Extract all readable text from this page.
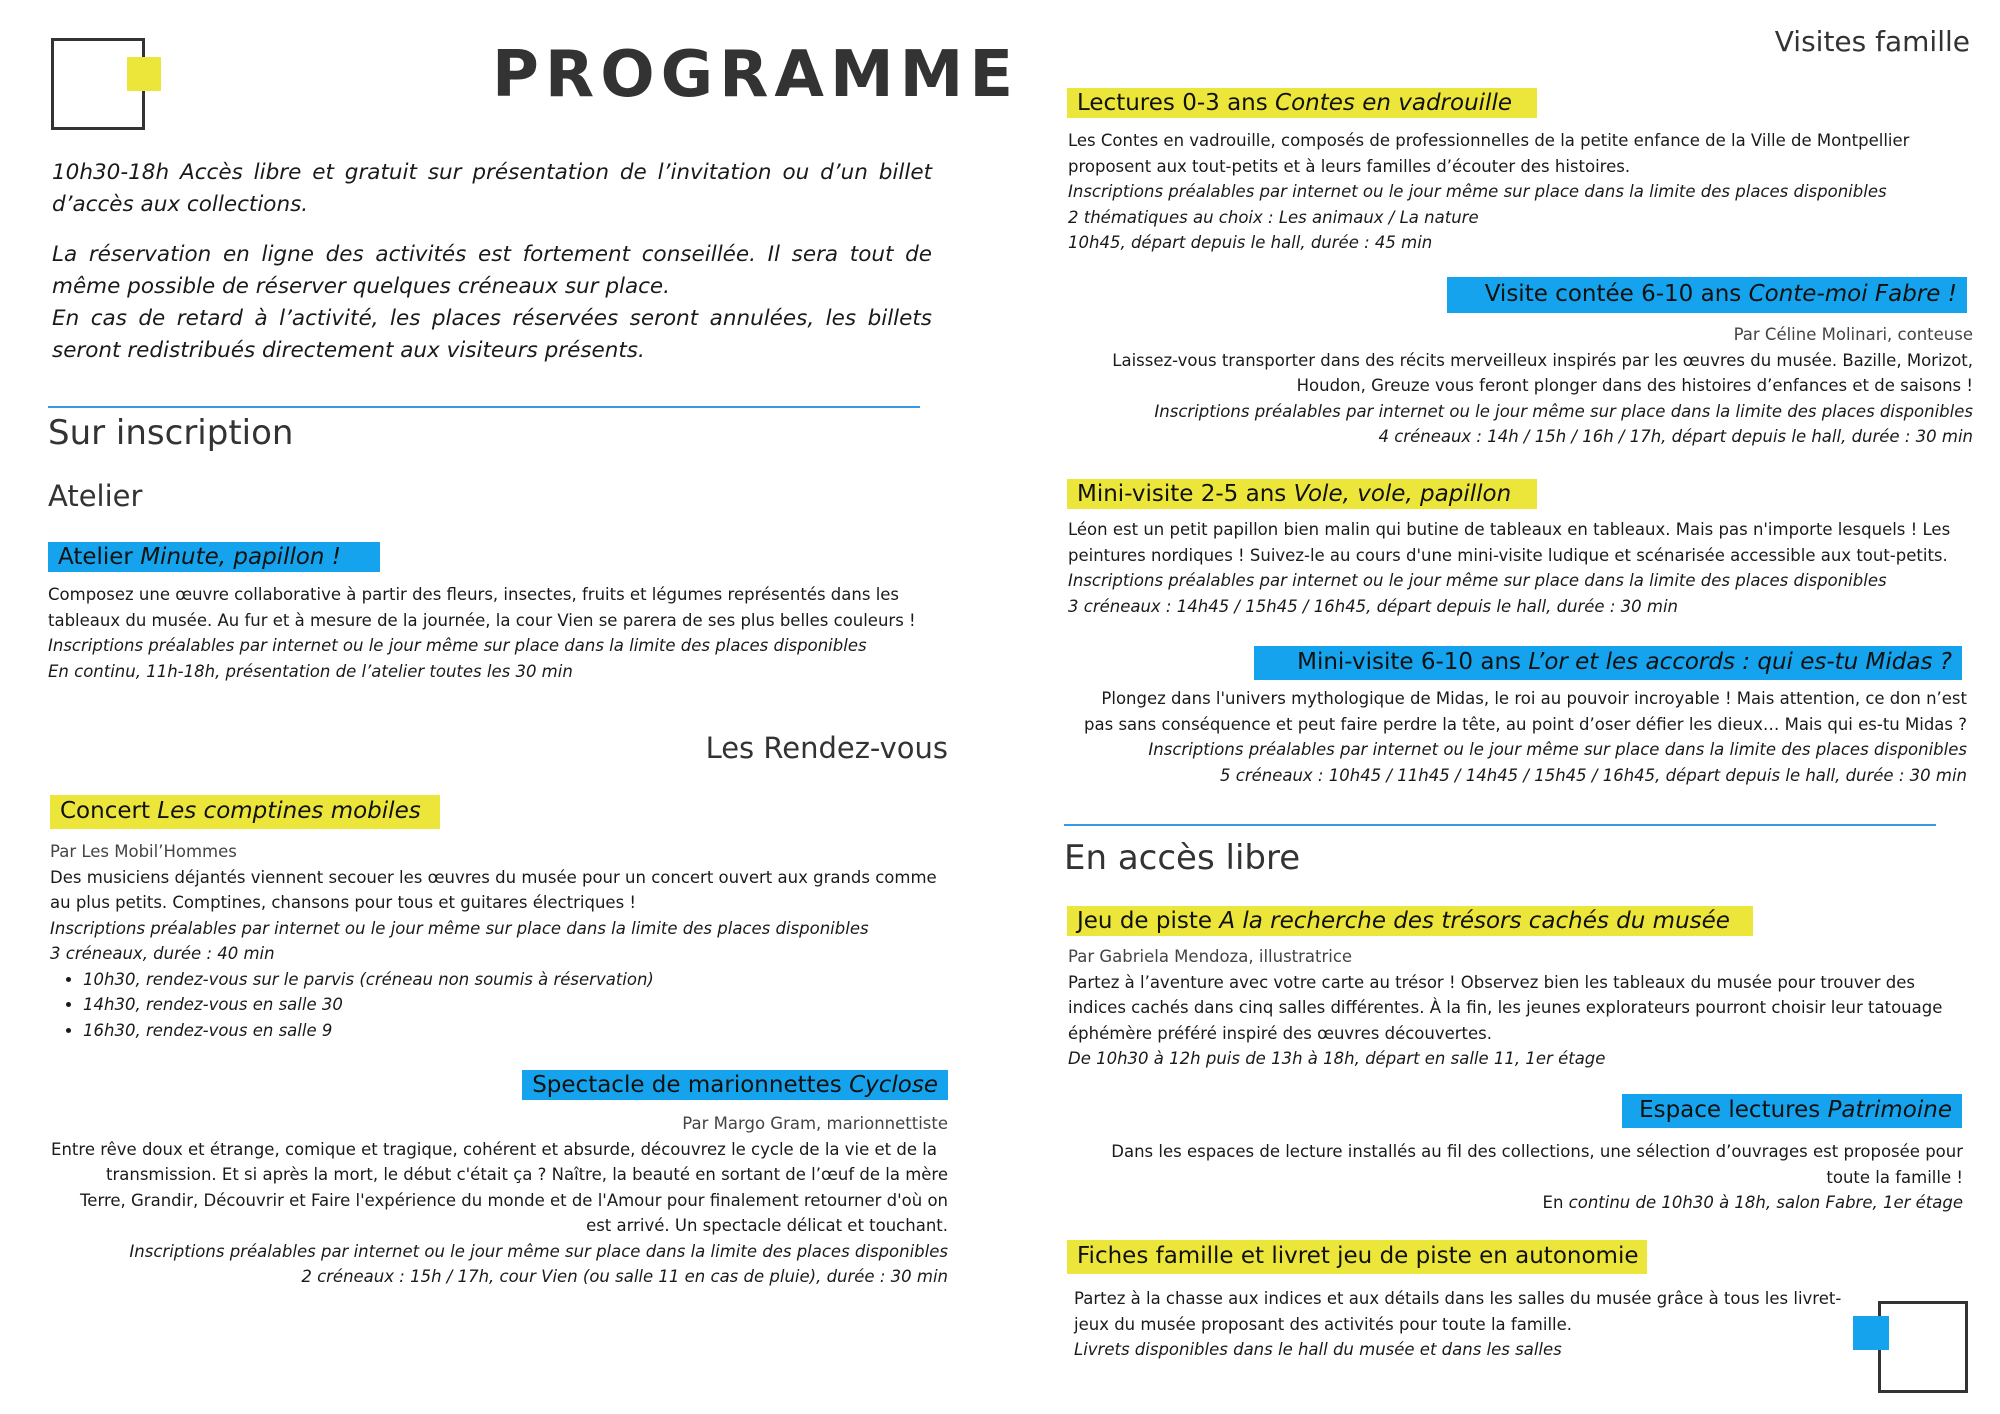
PROGRAMME	Visites famille
10h30-18h Accès libre et gratuit sur présentation de l’invitation ou d’un billet d’accès aux collections.
La réservation en ligne des activités est fortement conseillée. Il sera tout de même possible de réserver quelques créneaux sur place.
En cas de retard à l’activité, les places réservées seront annulées, les billets seront redistribués directement aux visiteurs présents.
Sur inscription
Atelier
Atelier Minute, papillon !
Composez une œuvre collaborative à partir des fleurs, insectes, fruits et légumes représentés dans les
tableaux du musée. Au fur et à mesure de la journée, la cour Vien se parera de ses plus belles couleurs !
Inscriptions préalables par internet ou le jour même sur place dans la limite des places disponibles
En continu, 11h-18h, présentation de l’atelier toutes les 30 min
Les Rendez-vous
Concert Les comptines mobiles
Par Les Mobil’Hommes
Des musiciens déjantés viennent secouer les œuvres du musée pour un concert ouvert aux grands comme
au plus petits. Comptines, chansons pour tous et guitares électriques !
Inscriptions préalables par internet ou le jour même sur place dans la limite des places disponibles
3 créneaux, durée : 40 min
• 10h30, rendez-vous sur le parvis (créneau non soumis à réservation)
• 14h30, rendez-vous en salle 30
• 16h30, rendez-vous en salle 9
Spectacle de marionnettes Cyclose
Par Margo Gram, marionnettiste
Entre rêve doux et étrange, comique et tragique, cohérent et absurde, découvrez le cycle de la vie et de la
transmission. Et si après la mort, le début c'était ça ? Naître, la beauté en sortant de l’œuf de la mère
Terre, Grandir, Découvrir et Faire l'expérience du monde et de l'Amour pour finalement retourner d'où on
est arrivé. Un spectacle délicat et touchant.
Inscriptions préalables par internet ou le jour même sur place dans la limite des places disponibles
2 créneaux : 15h / 17h, cour Vien (ou salle 11 en cas de pluie), durée : 30 min
Lectures 0-3 ans Contes en vadrouille
Les Contes en vadrouille, composés de professionnelles de la petite enfance de la Ville de Montpellier
proposent aux tout-petits et à leurs familles d’écouter des histoires.
Inscriptions préalables par internet ou le jour même sur place dans la limite des places disponibles
2 thématiques au choix : Les animaux / La nature
10h45, départ depuis le hall, durée : 45 min
Visite contée 6-10 ans Conte-moi Fabre !
Par Céline Molinari, conteuse
Laissez-vous transporter dans des récits merveilleux inspirés par les œuvres du musée. Bazille, Morizot,
Houdon, Greuze vous feront plonger dans des histoires d’enfances et de saisons !
Inscriptions préalables par internet ou le jour même sur place dans la limite des places disponibles
4 créneaux : 14h / 15h / 16h / 17h, départ depuis le hall, durée : 30 min
Mini-visite 2-5 ans Vole, vole, papillon
Léon est un petit papillon bien malin qui butine de tableaux en tableaux. Mais pas n'importe lesquels ! Les
peintures nordiques ! Suivez-le au cours d'une mini-visite ludique et scénarisée accessible aux tout-petits.
Inscriptions préalables par internet ou le jour même sur place dans la limite des places disponibles
3 créneaux : 14h45 / 15h45 / 16h45, départ depuis le hall, durée : 30 min
Mini-visite 6-10 ans L’or et les accords : qui es-tu Midas ?
Plongez dans l'univers mythologique de Midas, le roi au pouvoir incroyable ! Mais attention, ce don n’est
pas sans conséquence et peut faire perdre la tête, au point d’oser défier les dieux… Mais qui es-tu Midas ?
Inscriptions préalables par internet ou le jour même sur place dans la limite des places disponibles
5 créneaux : 10h45 / 11h45 / 14h45 / 15h45 / 16h45, départ depuis le hall, durée : 30 min
En accès libre
Jeu de piste A la recherche des trésors cachés du musée
Par Gabriela Mendoza, illustratrice
Partez à l’aventure avec votre carte au trésor ! Observez bien les tableaux du musée pour trouver des
indices cachés dans cinq salles différentes. À la fin, les jeunes explorateurs pourront choisir leur tatouage
éphémère préféré inspiré des œuvres découvertes.
De 10h30 à 12h puis de 13h à 18h, départ en salle 11, 1er étage
Espace lectures Patrimoine
Dans les espaces de lecture installés au fil des collections, une sélection d’ouvrages est proposée pour
toute la famille !
En continu de 10h30 à 18h, salon Fabre, 1er étage
Fiches famille et livret jeu de piste en autonomie
Partez à la chasse aux indices et aux détails dans les salles du musée grâce à tous les livret-
jeux du musée proposant des activités pour toute la famille.
Livrets disponibles dans le hall du musée et dans les salles
